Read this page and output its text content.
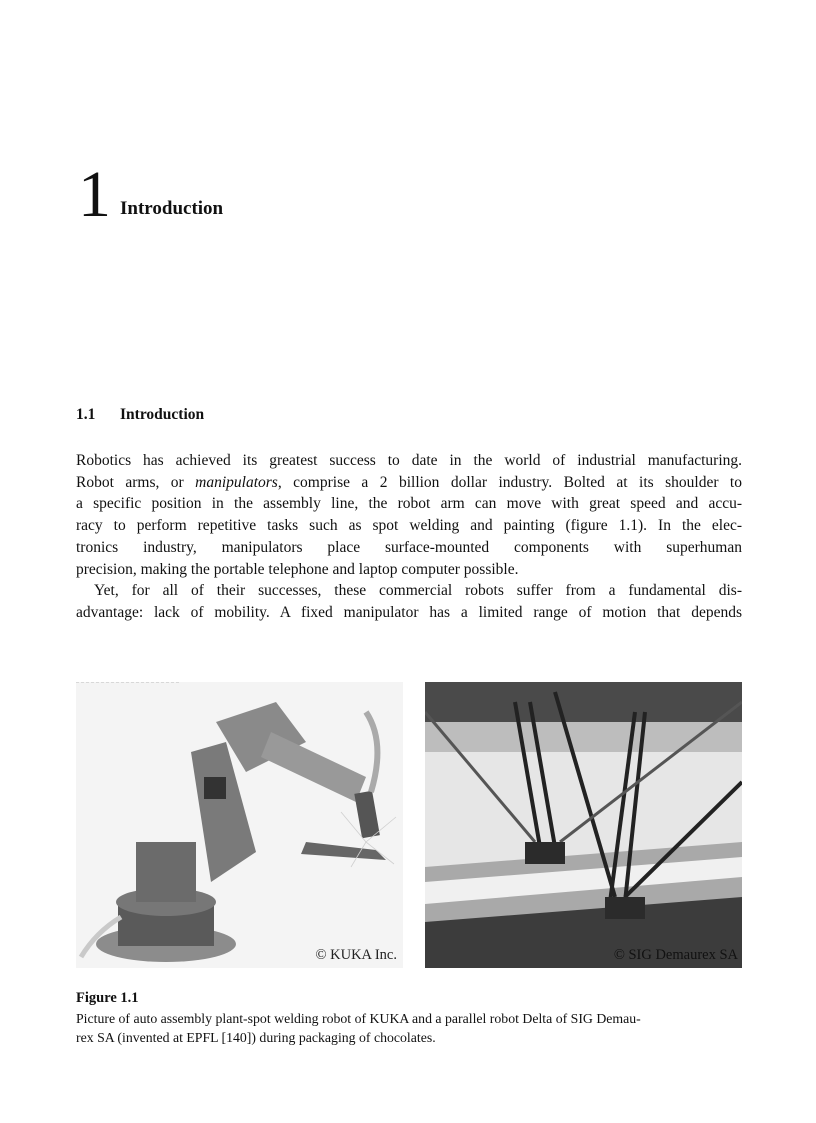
1 Introduction
1.1 Introduction

Robotics has achieved its greatest success to date in the world of industrial manufacturing.

Robot arms, or manipulators, comprise a 2 billion dollar industry. Bolted at its shoulder to

a specific position in the assembly line, the robot arm can move with great speed and accu-

racy to perform repetitive tasks such as spot welding and painting (figure 1.1). In the elec-

tronics industry, manipulators place surface-mounted components with superhuman

precision, making the portable telephone and laptop computer possible.

Yet, for all of their successes, these commercial robots suffer from a fundamental dis-

advantage: lack of mobility. A fixed manipulator has a limited range of motion that depends

© KUKA Inc.	© SIG Demaurex SA
Figure 1.1
Picture of auto assembly plant-spot welding robot of KUKA and a parallel robot Delta of SIG Demau-
rex SA (invented at EPFL [140]) during packaging of chocolates.
